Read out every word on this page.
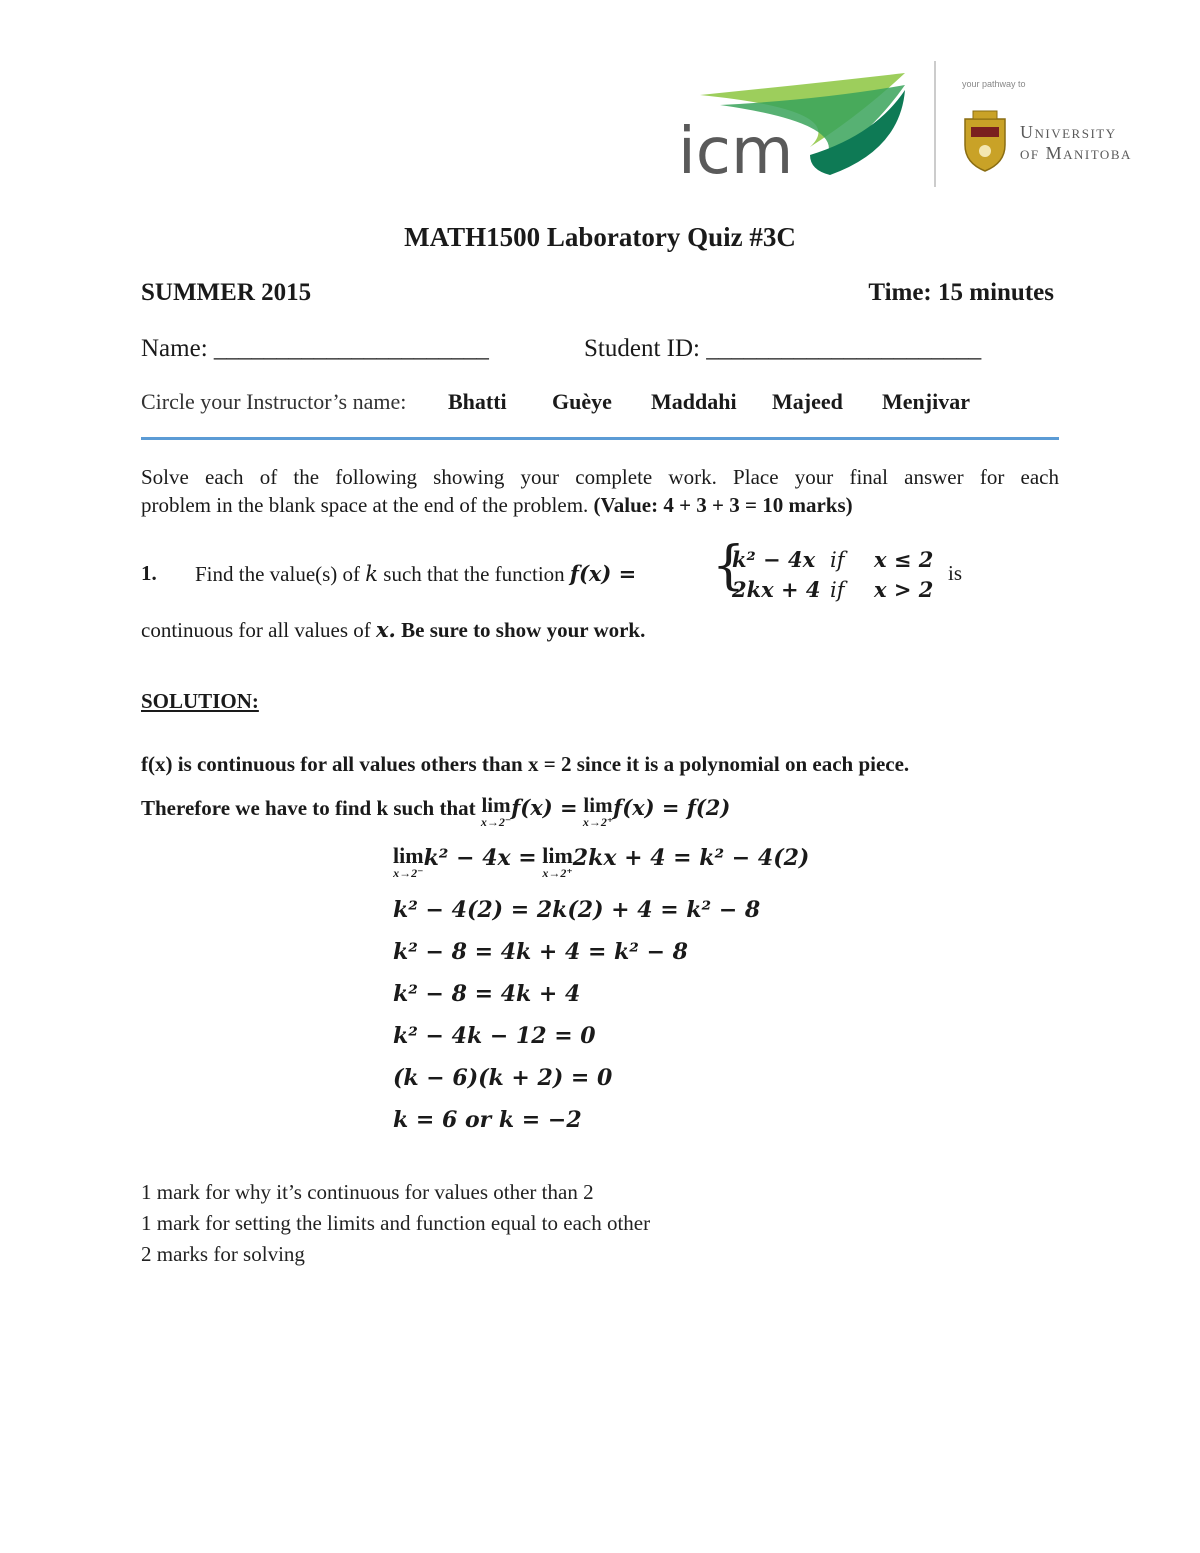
icm
your pathway to
University
of Manitoba
MATH1500 Laboratory Quiz #3C
SUMMER 2015	Time: 15 minutes
Name: ______________________	Student ID: ______________________
Circle your Instructor’s name: Bhatti Guèye Maddahi Majeed Menjivar
Solve each of the following showing your complete work. Place your final answer for each
problem in the blank space at the end of the problem. (Value: 4 + 3 + 3 = 10 marks)
1. Find the value(s) of k such that the function f(x) = {
k² − 4x if x ≤ 2
2kx + 4 if x > 2
is
continuous for all values of x. Be sure to show your work.
SOLUTION:
f(x) is continuous for all values others than x = 2 since it is a polynomial on each piece.
Therefore we have to find k such that lim
x→2⁻
f(x) = lim
x→2⁺
f(x) = f(2)
lim
x→2⁻
k² − 4x = lim
x→2⁺
2kx + 4 = k² − 4(2)
k² − 4(2) = 2k(2) + 4 = k² − 8
k² − 8 = 4k + 4 = k² − 8
k² − 8 = 4k + 4
k² − 4k − 12 = 0
(k − 6)(k + 2) = 0
k = 6 or k = −2
1 mark for why it’s continuous for values other than 2
1 mark for setting the limits and function equal to each other
2 marks for solving
